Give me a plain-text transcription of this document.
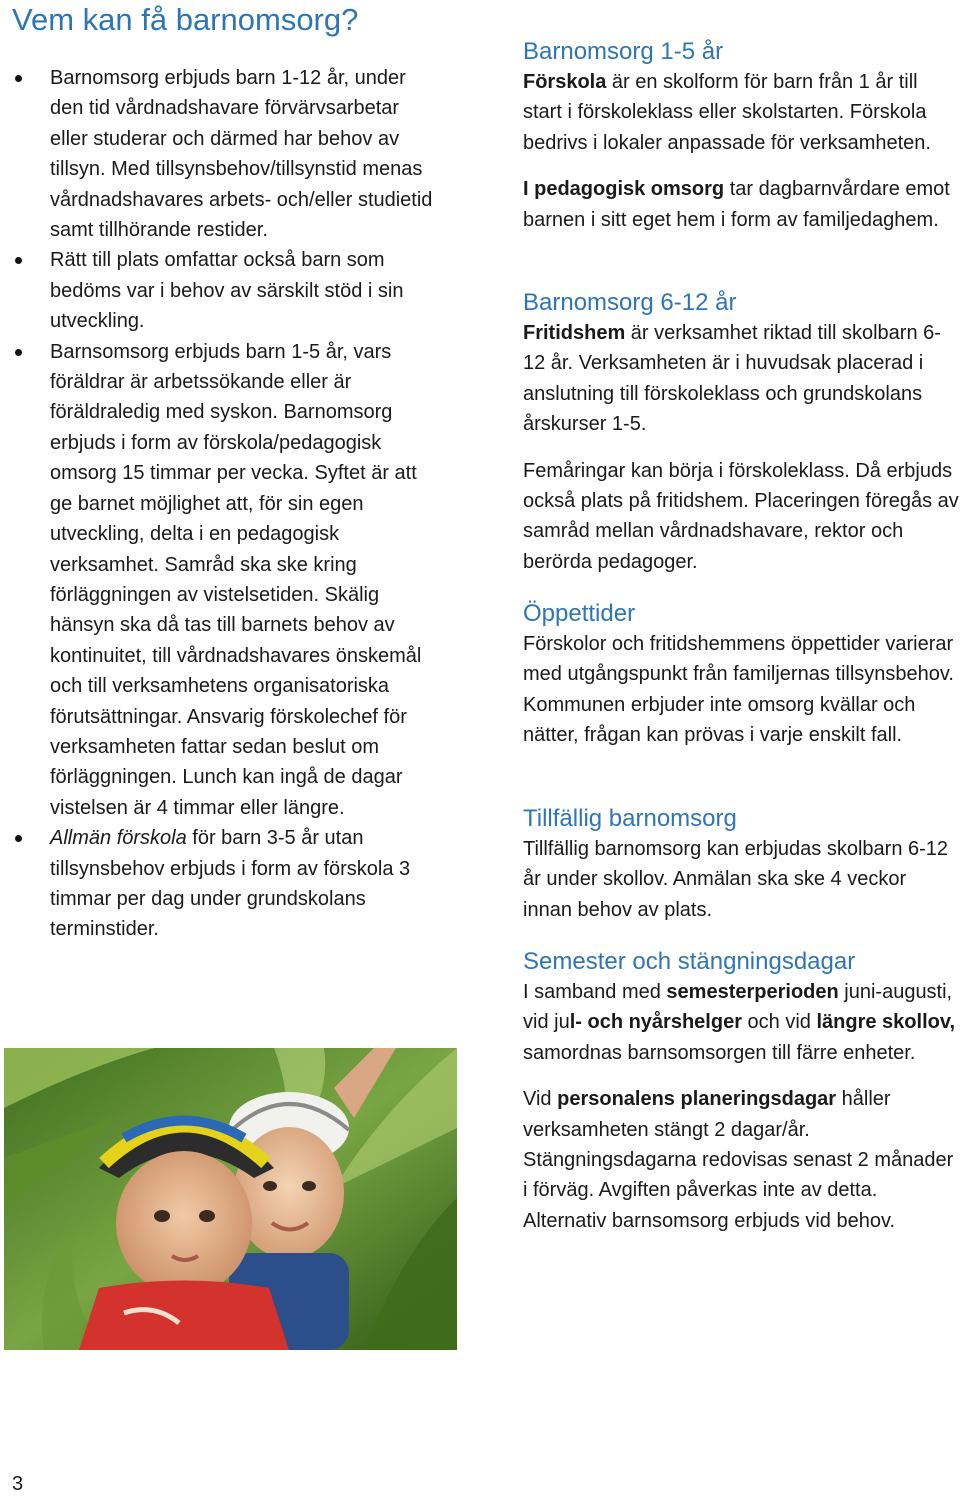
Vem kan få barnomsorg?
Barnomsorg erbjuds barn 1-12 år, under den tid vårdnadshavare förvärvsarbetar eller studerar och därmed har behov av tillsyn. Med tillsynsbehov/tillsynstid menas vårdnadshavares arbets- och/eller studietid samt tillhörande restider.
Rätt till plats omfattar också barn som bedöms var i behov av särskilt stöd i sin utveckling.
Barnsomsorg erbjuds barn 1-5 år, vars föräldrar är arbetssökande eller är föräldraledig med syskon. Barnomsorg erbjuds i form av förskola/pedagogisk omsorg 15 timmar per vecka. Syftet är att ge barnet möjlighet att, för sin egen utveckling, delta i en pedagogisk verksamhet. Samråd ska ske kring förläggningen av vistelsetiden. Skälig hänsyn ska då tas till barnets behov av kontinuitet, till vårdnadshavares önskemål och till verksamhetens organisatoriska förutsättningar. Ansvarig förskolechef för verksamheten fattar sedan beslut om förläggningen. Lunch kan ingå de dagar vistelsen är 4 timmar eller längre.
Allmän förskola för barn 3-5 år utan tillsynsbehov erbjuds i form av förskola 3 timmar per dag under grundskolans terminstider.
3
Barnomsorg 1-5 år

Förskola är en skolform för barn från 1 år till start i förskoleklass eller skolstarten. Förskola bedrivs i lokaler anpassade för verksamheten.

I pedagogisk omsorg tar dagbarnvårdare emot barnen i sitt eget hem i form av familjedaghem.

Barnomsorg 6-12 år

Fritidshem är verksamhet riktad till skolbarn 6-12 år. Verksamheten är i huvudsak placerad i anslutning till förskoleklass och grundskolans årskurser 1-5.

Femåringar kan börja i förskoleklass. Då erbjuds också plats på fritidshem. Placeringen föregås av samråd mellan vårdnadshavare, rektor och berörda pedagoger.

Öppettider

Förskolor och fritidshemmens öppettider varierar med utgångspunkt från familjernas tillsynsbehov. Kommunen erbjuder inte omsorg kvällar och nätter, frågan kan prövas i varje enskilt fall.

Tillfällig barnomsorg

Tillfällig barnomsorg kan erbjudas skolbarn 6-12 år under skollov. Anmälan ska ske 4 veckor innan behov av plats.

Semester och stängningsdagar

I samband med semesterperioden juni-augusti, vid jul- och nyårshelger och vid längre skollov, samordnas barnsomsorgen till färre enheter.

Vid personalens planeringsdagar håller verksamheten stängt 2 dagar/år. Stängningsdagarna redovisas senast 2 månader i förväg. Avgiften påverkas inte av detta. Alternativ barnsomsorg erbjuds vid behov.
